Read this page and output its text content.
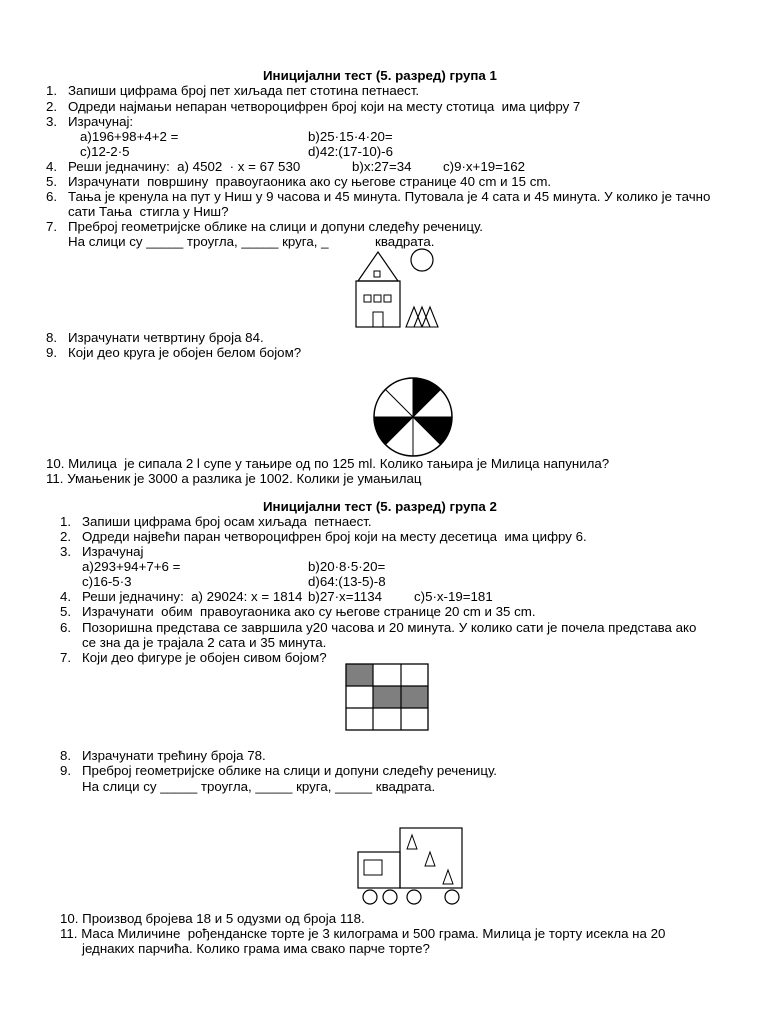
Иницијални тест (5. разред) група 1
1. Запиши цифрама број пет хиљада пет стотина петнаест.
2. Одреди најмањи непаран четвороцифрен број који на месту стотица  има цифру 7
3. Израчунај:
a)196+98+4+2 =	b)25·15·4·20=
c)12-2·5	d)42:(17-10)-6
4. Реши једначину:  a) 4502  · x = 67 530	b)x:27=34 c)9·x+19=162
5. Израчунати  површину  правоугаоника ако су његове странице 40 cm и 15 cm.
6. Тања је кренула на пут у Ниш у 9 часова и 45 минута. Путовала је 4 сата и 45 минута. У колико је тачно
сати Тања  стигла у Ниш?
7. Преброј геометријске облике на слици и допуни следећу реченицу.
На слици су _____ троугла, _____ круга, _	квадрата.
8. Израчунати четвртину броја 84.
9. Који део круга је обојен белом бојом?
10. Милица  је сипала 2 l супе у тањире од по 125 ml. Колико тањира је Милица напунила?
11. Умањеник је 3000 а разлика је 1002. Колики је умањилац
Иницијални тест (5. разред) група 2
1. Запиши цифрама број осам хиљада  петнаест.
2. Одреди највећи паран четвороцифрен број који на месту десетица  има цифру 6.
3. Израчунај
a)293+94+7+6 =	b)20·8·5·20=
c)16-5·3	d)64:(13-5)-8
4. Реши једначину:  a) 29024: x = 1814 b)27·x=1134 c)5·x-19=181
5. Израчунати  обим  правоугаоника ако су његове странице 20 cm и 35 cm.
6. Позоришна представа се завршила у20 часова и 20 минута. У колико сати је почела представа ако
се зна да је трајала 2 сата и 35 минута.
7. Који део фигуре је обојен сивом бојом?
8. Израчунати трећину броја 78.
9. Преброј геометријске облике на слици и допуни следећу реченицу.
На слици су _____ троугла, _____ круга, _____ квадрата.
10. Производ бројева 18 и 5 одузми од броја 118.
11. Маса Миличине  рођенданске торте је 3 килограма и 500 грама. Милица је торту исекла на 20
једнаких парчића. Колико грама има свако парче торте?
